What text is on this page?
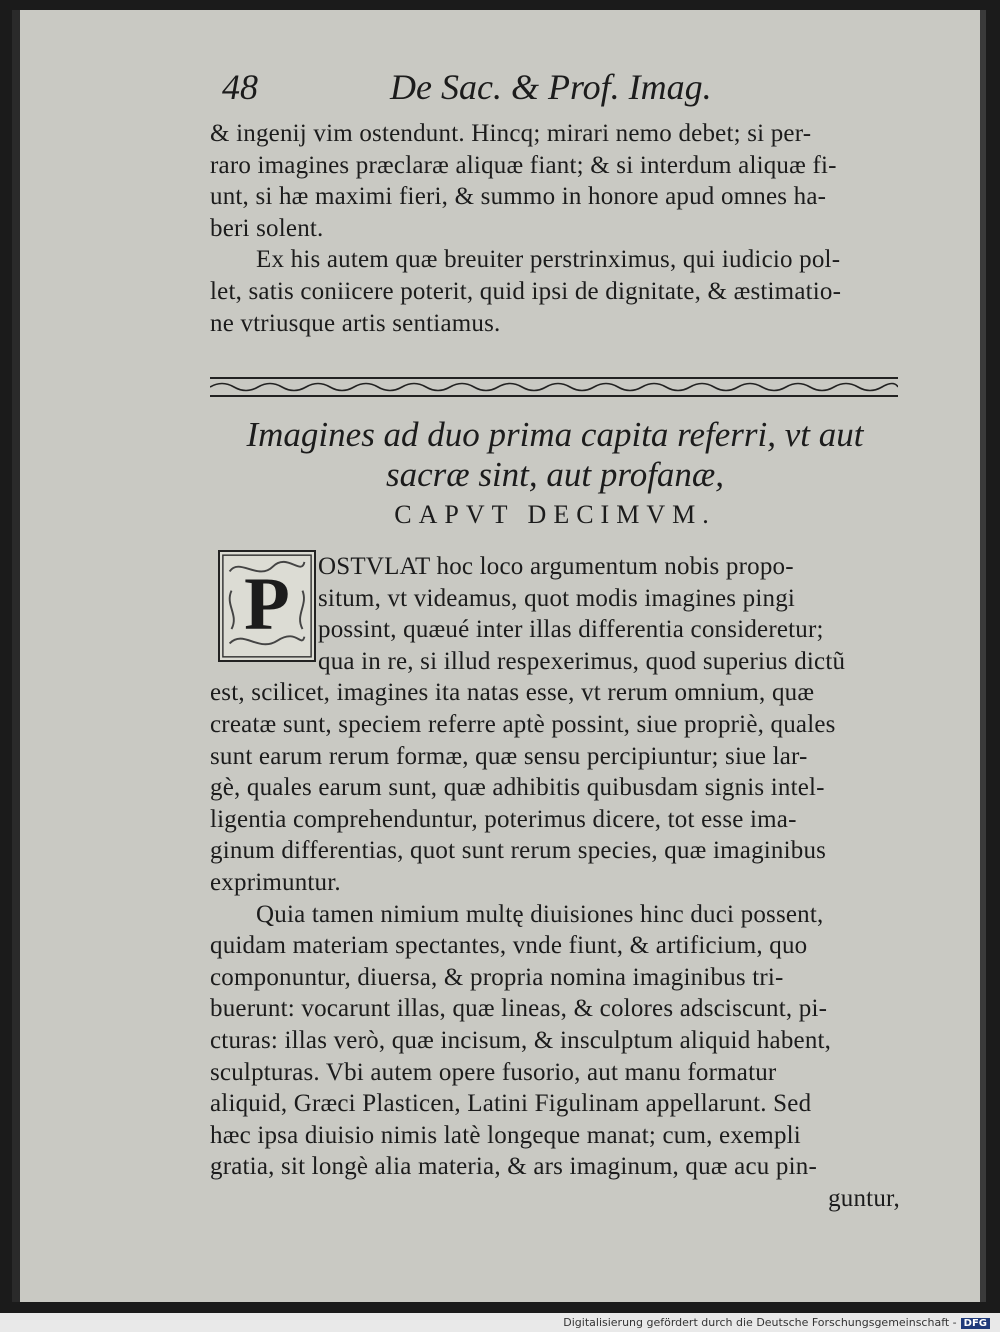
48	De Sac. & Prof. Imag.
& ingenij vim ostendunt. Hincq; mirari nemo debet; si per-
raro imagines præclaræ aliquæ fiant; & si interdum aliquæ fi-
unt, si hæ maximi fieri, & summo in honore apud omnes ha-
beri solent.
Ex his autem quæ breuiter perstrinximus, qui iudicio pol-
let, satis coniicere poterit, quid ipsi de dignitate, & æstimatio-
ne vtriusque artis sentiamus.
Imagines ad duo prima capita referri, vt aut
sacræ sint, aut profanæ,
CAPVT DECIMVM.
P	OSTVLAT hoc loco argumentum nobis propo-
situm, vt videamus, quot modis imagines pingi
possint, quæué inter illas differentia consideretur;
qua in re, si illud respexerimus, quod superius dictũ
est, scilicet, imagines ita natas esse, vt rerum omnium, quæ
creatæ sunt, speciem referre aptè possint, siue propriè, quales
sunt earum rerum formæ, quæ sensu percipiuntur; siue lar-
gè, quales earum sunt, quæ adhibitis quibusdam signis intel-
ligentia comprehenduntur, poterimus dicere, tot esse ima-
ginum differentias, quot sunt rerum species, quæ imaginibus
exprimuntur.
Quia tamen nimium multę diuisiones hinc duci possent,
quidam materiam spectantes, vnde fiunt, & artificium, quo
componuntur, diuersa, & propria nomina imaginibus tri-
buerunt: vocarunt illas, quæ lineas, & colores adsciscunt, pi-
cturas: illas verò, quæ incisum, & insculptum aliquid habent,
sculpturas. Vbi autem opere fusorio, aut manu formatur
aliquid, Græci Plasticen, Latini Figulinam appellarunt. Sed
hæc ipsa diuisio nimis latè longeque manat; cum, exempli
gratia, sit longè alia materia, & ars imaginum, quæ acu pin-
guntur,
Digitalisierung gefördert durch die Deutsche Forschungsgemeinschaft - DFG
